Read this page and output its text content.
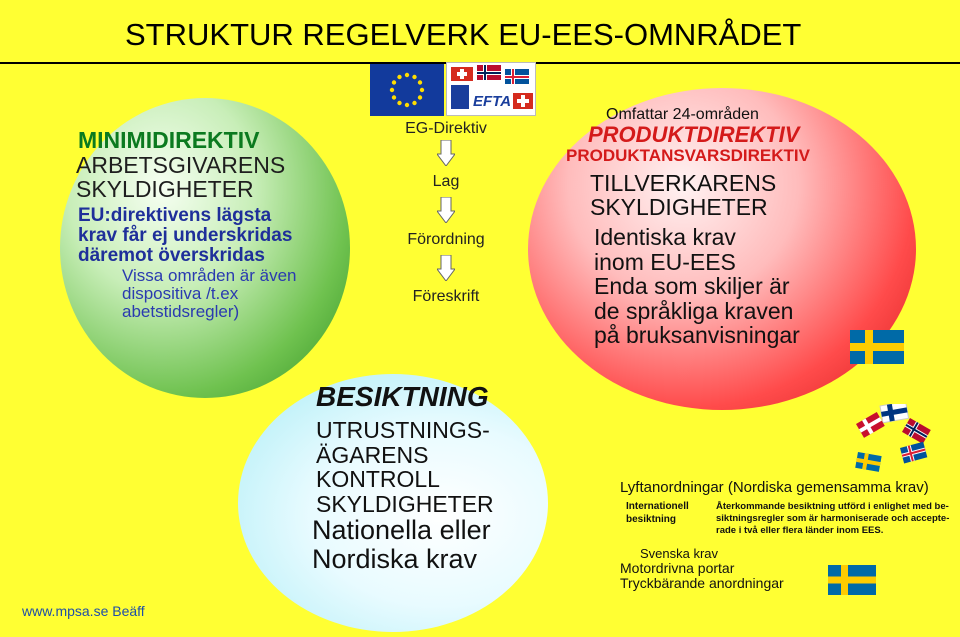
STRUKTUR REGELVERK EU-EES-OMNRÅDET
EFTA
MINIMIDIREKTIV
ARBETSGIVARENS
SKYLDIGHETER
EU:direktivens lägsta
krav får ej underskridas
däremot överskridas
Vissa områden är även
dispositiva /t.ex
abetstidsregler)
EG-Direktiv
Lag
Förordning
Föreskrift
BESIKTNING
UTRUSTNINGS-
ÄGARENS
KONTROLL
SKYLDIGHETER
Nationella eller
Nordiska krav
Omfattar 24-områden
PRODUKTDIREKTIV
PRODUKTANSVARSDIREKTIV
TILLVERKARENS
SKYLDIGHETER
Identiska krav
inom EU-EES
Enda som skiljer är
de språkliga kraven
på bruksanvisningar
Lyftanordningar (Nordiska gemensamma krav)
Internationell
besiktning
Återkommande besiktning utförd i enlighet med be-
siktningsregler som är harmoniserade och accepte-
rade i två eller flera länder inom EES.
Svenska krav
Motordrivna portar
Tryckbärande anordningar
www.mpsa.se Beäff
